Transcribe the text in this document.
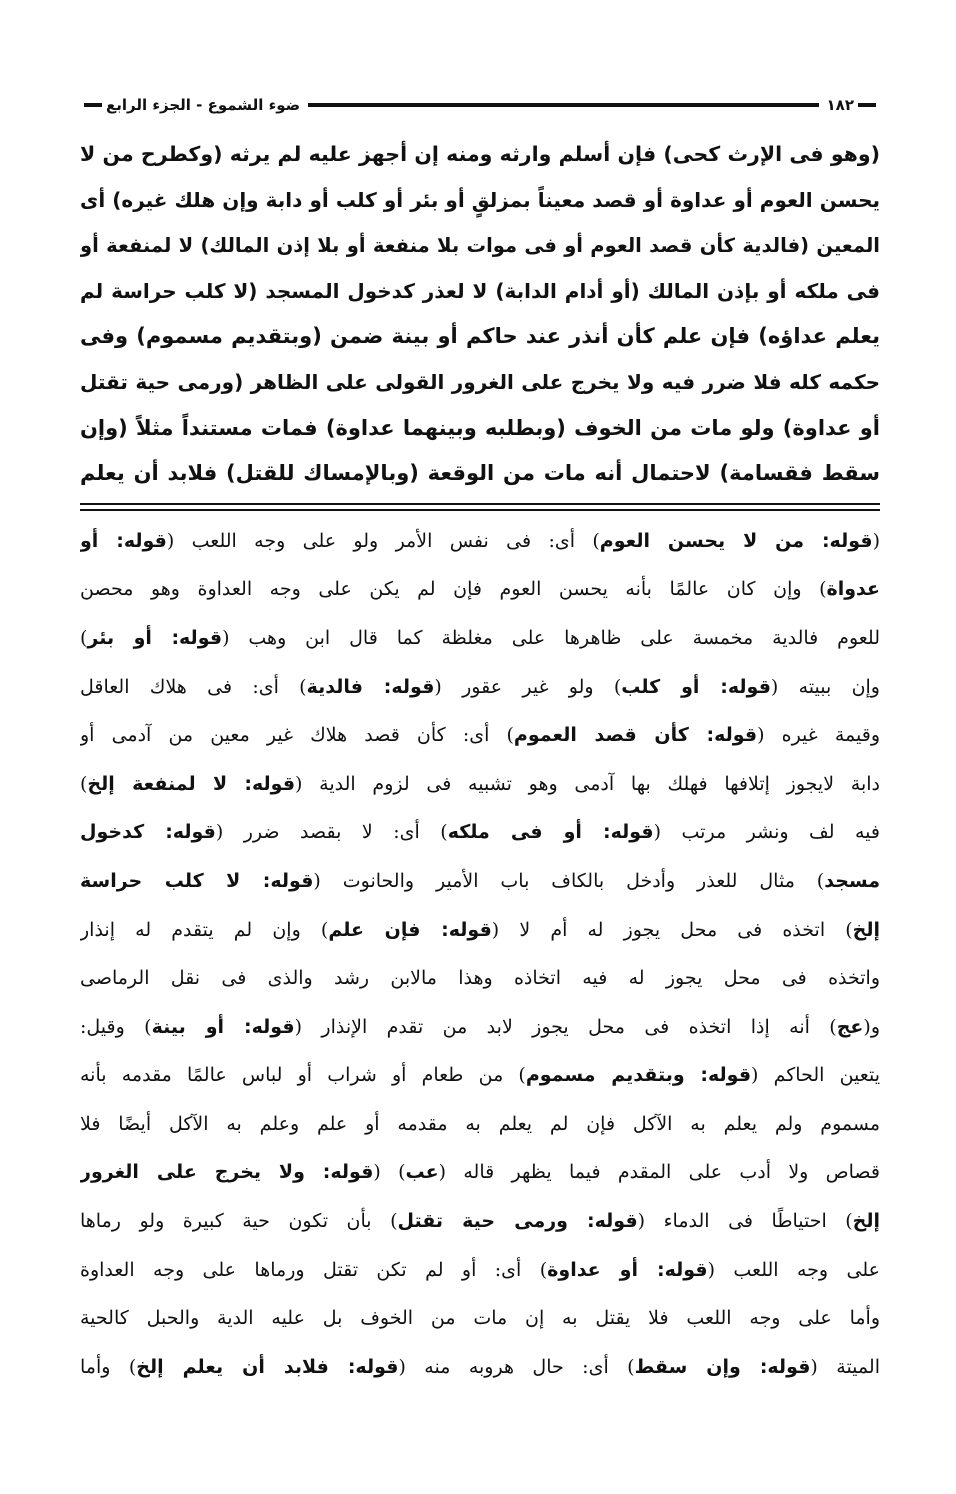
١٨٢
ضوء الشموع - الجزء الرابع
(وهو فى الإرث كحى) فإن أسلم وارثه ومنه إن أجهز عليه لم يرثه (وكطرح من لا
يحسن العوم أو عداوة أو قصد معيناً بمزلقٍ أو بئر أو كلب أو دابة وإن هلك غيره) أى
المعين (فالدية كأن قصد العوم أو فى موات بلا منفعة أو بلا إذن المالك) لا لمنفعة أو
فى ملكه أو بإذن المالك (أو أدام الدابة) لا لعذر كدخول المسجد (لا كلب حراسة لم
يعلم عداؤه) فإن علم كأن أنذر عند حاكم أو بينة ضمن (وبتقديم مسموم) وفى
حكمه كله فلا ضرر فيه ولا يخرج على الغرور القولى على الظاهر (ورمى حية تقتل
أو عداوة) ولو مات من الخوف (وبطلبه وبينهما عداوة) فمات مستنداً مثلاً (وإن
سقط فقسامة) لاحتمال أنه مات من الوقعة (وبالإمساك للقتل) فلابد أن يعلم
(قوله: من لا يحسن العوم) أى: فى نفس الأمر ولو على وجه اللعب (قوله: أو
عدواة) وإن كان عالمًا بأنه يحسن العوم فإن لم يكن على وجه العداوة وهو محصن
للعوم فالدية مخمسة على ظاهرها على مغلظة كما قال ابن وهب (قوله: أو بئر)
وإن ببيته (قوله: أو كلب) ولو غير عقور (قوله: فالدية) أى: فى هلاك العاقل
وقيمة غيره (قوله: كأن قصد العموم) أى: كأن قصد هلاك غير معين من آدمى أو
دابة لايجوز إتلافها فهلك بها آدمى وهو تشبيه فى لزوم الدية (قوله: لا لمنفعة إلخ)
فيه لف ونشر مرتب (قوله: أو فى ملكه) أى: لا بقصد ضرر (قوله: كدخول
مسجد) مثال للعذر وأدخل بالكاف باب الأمير والحانوت (قوله: لا كلب حراسة
إلخ) اتخذه فى محل يجوز له أم لا (قوله: فإن علم) وإن لم يتقدم له إنذار
واتخذه فى محل يجوز له فيه اتخاذه وهذا مالابن رشد والذى فى نقل الرماصى
و(عج) أنه إذا اتخذه فى محل يجوز لابد من تقدم الإنذار (قوله: أو بينة) وقيل:
يتعين الحاكم (قوله: وبتقديم مسموم) من طعام أو شراب أو لباس عالمًا مقدمه بأنه
مسموم ولم يعلم به الآكل فإن لم يعلم به مقدمه أو علم وعلم به الآكل أيضًا فلا
قصاص ولا أدب على المقدم فيما يظهر قاله (عب) (قوله: ولا يخرج على الغرور
إلخ) احتياطًا فى الدماء (قوله: ورمى حية تقتل) بأن تكون حية كبيرة ولو رماها
على وجه اللعب (قوله: أو عداوة) أى: أو لم تكن تقتل ورماها على وجه العداوة
وأما على وجه اللعب فلا يقتل به إن مات من الخوف بل عليه الدية والحبل كالحية
الميتة (قوله: وإن سقط) أى: حال هروبه منه (قوله: فلابد أن يعلم إلخ) وأما
